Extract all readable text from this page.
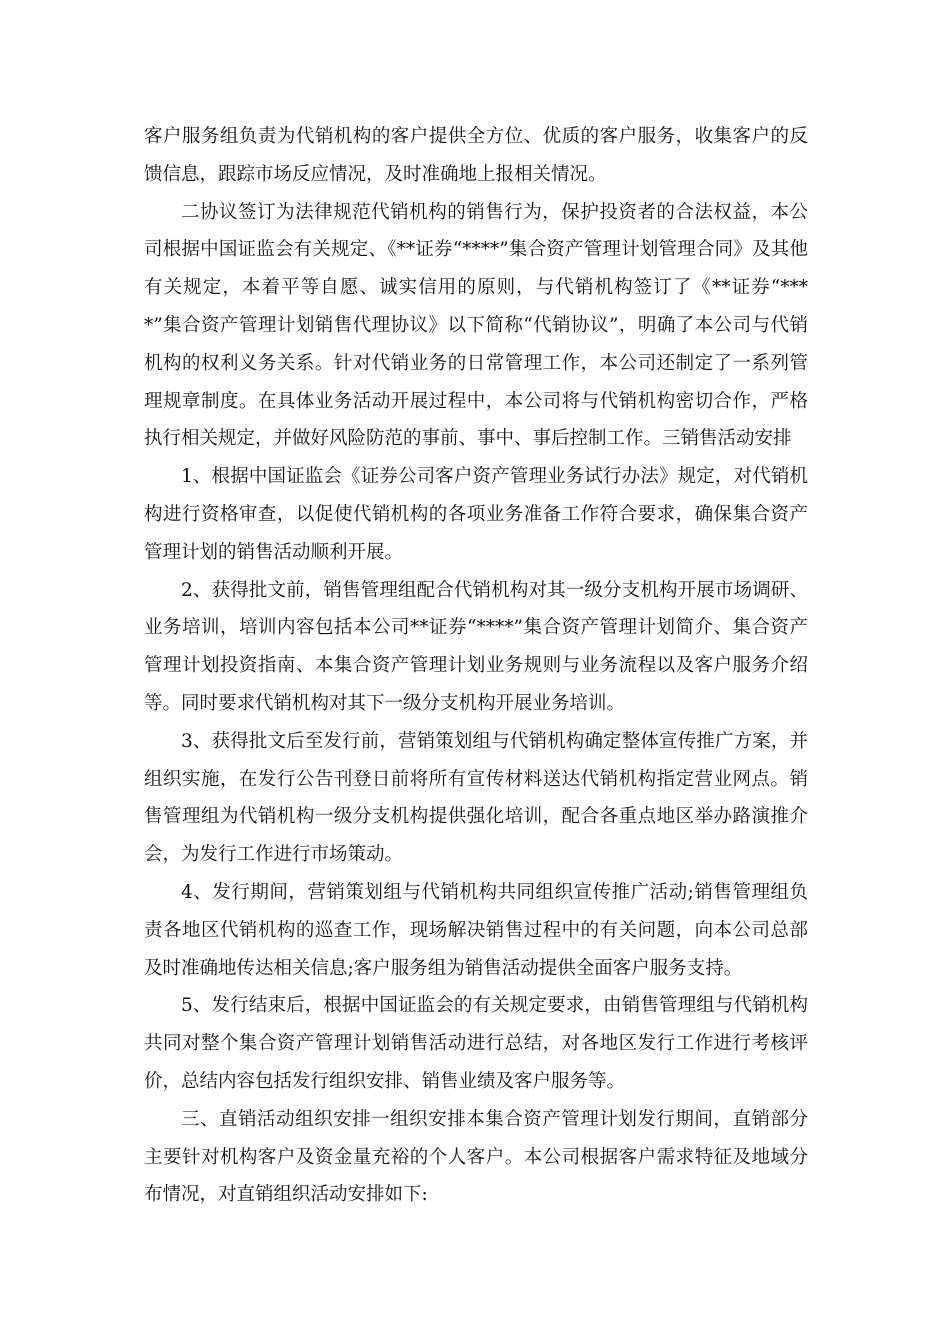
客户服务组负责为代销机构的客户提供全方位、优质的客户服务，收集客户的反馈信息，跟踪市场反应情况，及时准确地上报相关情况。

二协议签订为法律规范代销机构的销售行为，保护投资者的合法权益，本公司根据中国证监会有关规定、《**证券“****”集合资产管理计划管理合同》及其他有关规定，本着平等自愿、诚实信用的原则，与代销机构签订了《**证券“****”集合资产管理计划销售代理协议》以下简称“代销协议”，明确了本公司与代销机构的权利义务关系。针对代销业务的日常管理工作，本公司还制定了一系列管理规章制度。在具体业务活动开展过程中，本公司将与代销机构密切合作，严格执行相关规定，并做好风险防范的事前、事中、事后控制工作。三销售活动安排

1、根据中国证监会《证券公司客户资产管理业务试行办法》规定，对代销机构进行资格审查，以促使代销机构的各项业务准备工作符合要求，确保集合资产管理计划的销售活动顺利开展。

2、获得批文前，销售管理组配合代销机构对其一级分支机构开展市场调研、业务培训，培训内容包括本公司**证券“****”集合资产管理计划简介、集合资产管理计划投资指南、本集合资产管理计划业务规则与业务流程以及客户服务介绍等。同时要求代销机构对其下一级分支机构开展业务培训。

3、获得批文后至发行前，营销策划组与代销机构确定整体宣传推广方案，并组织实施，在发行公告刊登日前将所有宣传材料送达代销机构指定营业网点。销售管理组为代销机构一级分支机构提供强化培训，配合各重点地区举办路演推介会，为发行工作进行市场策动。

4、发行期间，营销策划组与代销机构共同组织宣传推广活动;销售管理组负责各地区代销机构的巡查工作，现场解决销售过程中的有关问题，向本公司总部及时准确地传达相关信息;客户服务组为销售活动提供全面客户服务支持。

5、发行结束后，根据中国证监会的有关规定要求，由销售管理组与代销机构共同对整个集合资产管理计划销售活动进行总结，对各地区发行工作进行考核评价，总结内容包括发行组织安排、销售业绩及客户服务等。

三、直销活动组织安排一组织安排本集合资产管理计划发行期间，直销部分主要针对机构客户及资金量充裕的个人客户。本公司根据客户需求特征及地域分布情况，对直销组织活动安排如下:
